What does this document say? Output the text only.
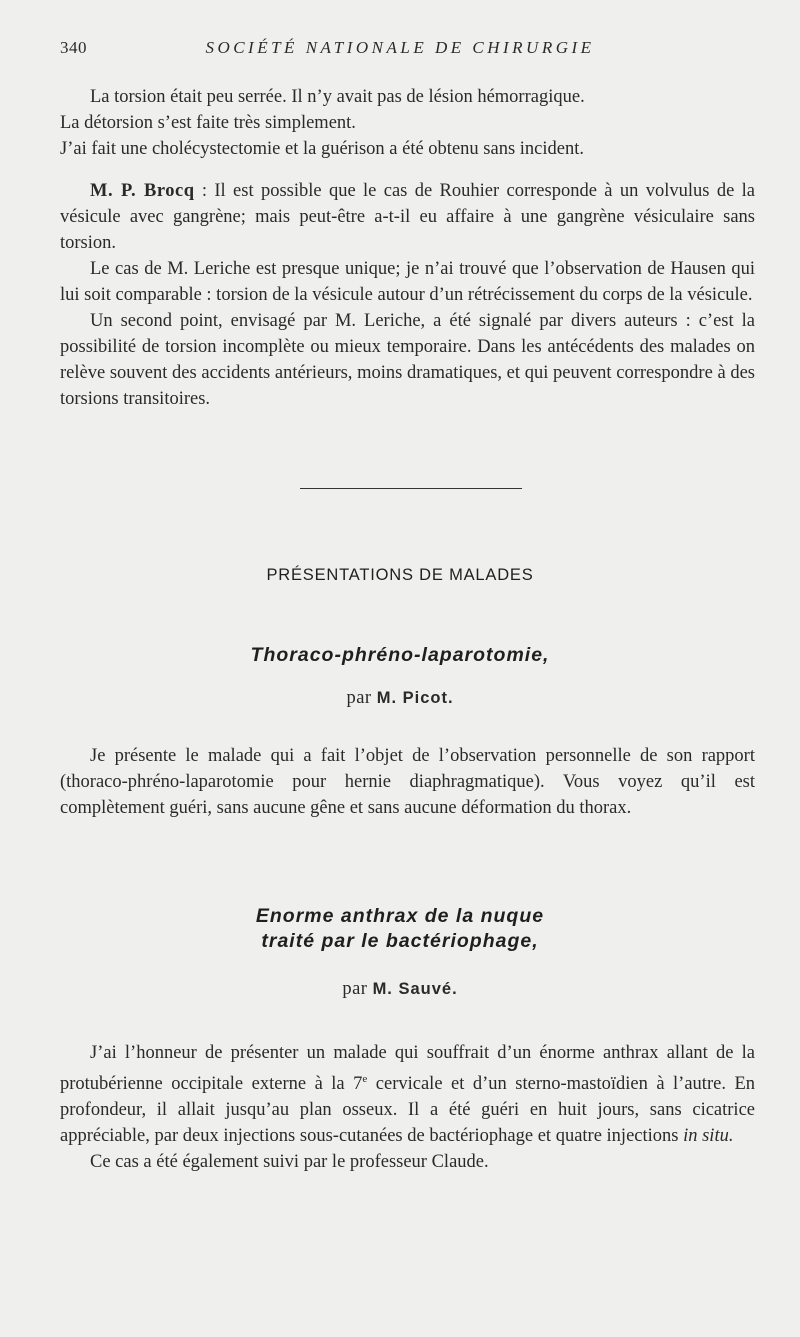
340	SOCIÉTÉ NATIONALE DE CHIRURGIE

La torsion était peu serrée. Il n’y avait pas de lésion hémorragique.
La détorsion s’est faite très simplement.
J’ai fait une cholécystectomie et la guérison a été obtenu sans incident.

M. P. Brocq : Il est possible que le cas de Rouhier corresponde à un volvulus de la vésicule avec gangrène; mais peut-être a-t-il eu affaire à une gangrène vésiculaire sans torsion.

Le cas de M. Leriche est presque unique; je n’ai trouvé que l’observation de Hausen qui lui soit comparable : torsion de la vésicule autour d’un rétrécissement du corps de la vésicule.

Un second point, envisagé par M. Leriche, a été signalé par divers auteurs : c’est la possibilité de torsion incomplète ou mieux temporaire. Dans les antécédents des malades on relève souvent des accidents antérieurs, moins dramatiques, et qui peuvent correspondre à des torsions transitoires.

PRÉSENTATIONS DE MALADES
Thoraco-phréno-laparotomie,
par M. Picot.

Je présente le malade qui a fait l’objet de l’observation personnelle de son rapport (thoraco-phréno-laparotomie pour hernie diaphragmatique). Vous voyez qu’il est complètement guéri, sans aucune gêne et sans aucune déformation du thorax.

Enorme anthrax de la nuque
traité par le bactériophage,
par M. Sauvé.

J’ai l’honneur de présenter un malade qui souffrait d’un énorme anthrax allant de la protubérienne occipitale externe à la 7e cervicale et d’un sterno-mastoïdien à l’autre. En profondeur, il allait jusqu’au plan osseux. Il a été guéri en huit jours, sans cicatrice appréciable, par deux injections sous-cutanées de bactériophage et quatre injections in situ.

Ce cas a été également suivi par le professeur Claude.
